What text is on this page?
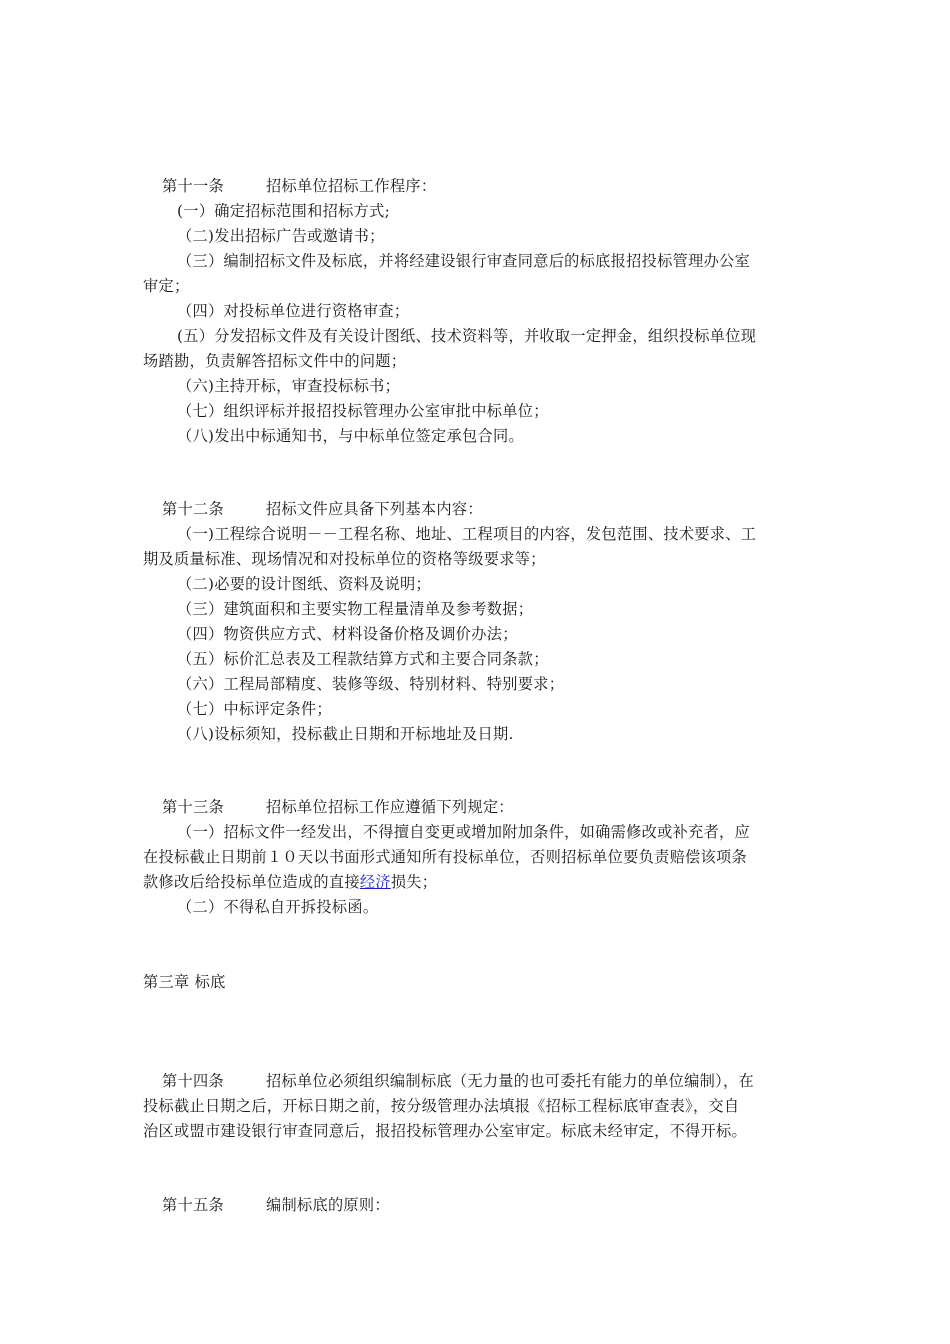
第十一条	招标单位招标工作程序：

(一）确定招标范围和招标方式;

（二)发出招标广告或邀请书；

（三）编制招标文件及标底，并将经建设银行审查同意后的标底报招投标管理办公室

审定；

（四）对投标单位进行资格审查；

(五）分发招标文件及有关设计图纸、技术资料等，并收取一定押金，组织投标单位现

场踏勘，负责解答招标文件中的问题；

（六)主持开标，审查投标标书；

（七）组织评标并报招投标管理办公室审批中标单位；

（八)发出中标通知书，与中标单位签定承包合同。

第十二条	招标文件应具备下列基本内容：

（一)工程综合说明－－工程名称、地址、工程项目的内容，发包范围、技术要求、工

期及质量标准、现场情况和对投标单位的资格等级要求等；

（二)必要的设计图纸、资料及说明；

（三）建筑面积和主要实物工程量清单及参考数据；

（四）物资供应方式、材料设备价格及调价办法；

（五）标价汇总表及工程款结算方式和主要合同条款；

（六）工程局部精度、装修等级、特别材料、特别要求；

（七）中标评定条件；

（八)设标须知，投标截止日期和开标地址及日期.

第十三条	招标单位招标工作应遵循下列规定：

（一）招标文件一经发出，不得擅自变更或增加附加条件，如确需修改或补充者，应

在投标截止日期前１０天以书面形式通知所有投标单位，否则招标单位要负责赔偿该项条

款修改后给投标单位造成的直接经济损失；

（二）不得私自开拆投标函。

第三章 标底

第十四条	招标单位必须组织编制标底（无力量的也可委托有能力的单位编制），在

投标截止日期之后，开标日期之前，按分级管理办法填报《招标工程标底审查表》，交自

治区或盟市建设银行审查同意后，报招投标管理办公室审定。标底未经审定，不得开标。

第十五条	编制标底的原则：
